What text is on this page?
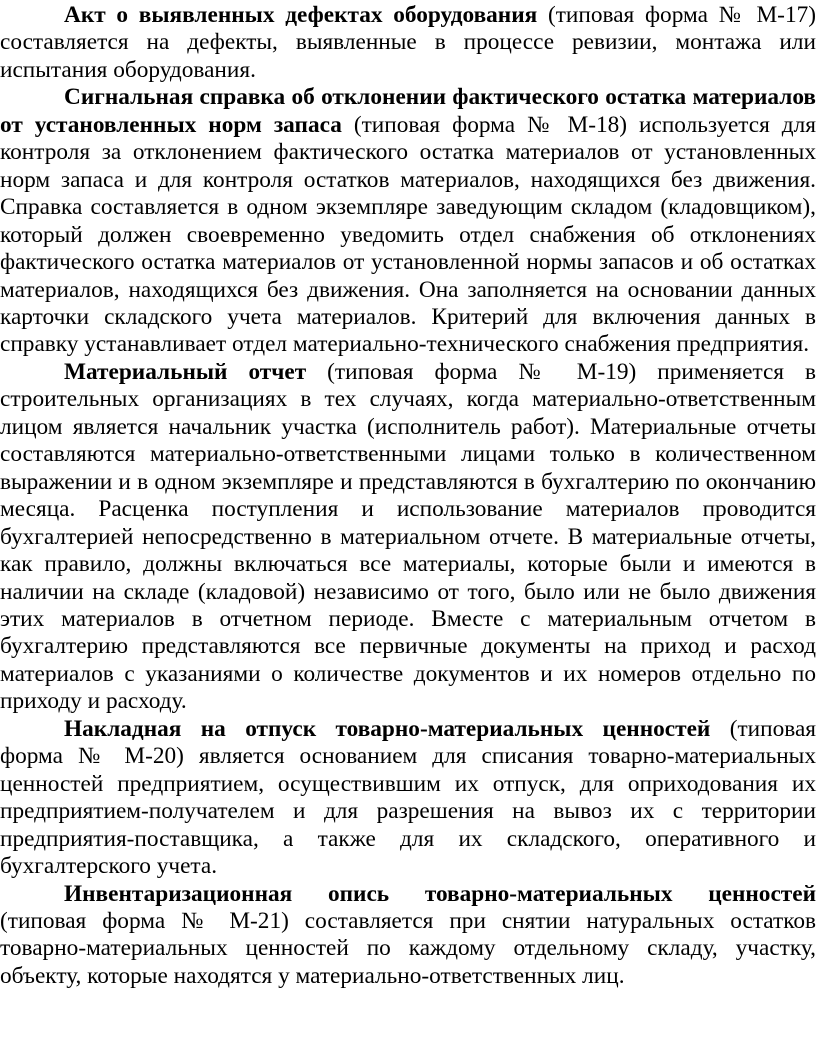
Акт о выявленных дефектах оборудования (типовая форма № М-17) составляется на дефекты, выявленные в процессе ревизии, монтажа или испытания оборудования.

Сигнальная справка об отклонении фактического остатка материалов от установленных норм запаса (типовая форма № М-18) используется для контроля за отклонением фактического остатка материалов от установленных норм запаса и для контроля остатков материалов, находящихся без движения. Справка составляется в одном экземпляре заведующим складом (кладовщиком), который должен своевременно уведомить отдел снабжения об отклонениях фактического остатка материалов от установленной нормы запасов и об остатках материалов, находящихся без движения. Она заполняется на основании данных карточки складского учета материалов. Критерий для включения данных в справку устанавливает отдел материально-технического снабжения предприятия.

Материальный отчет (типовая форма № М-19) применяется в строительных организациях в тех случаях, когда материально-ответственным лицом является начальник участка (исполнитель работ). Материальные отчеты составляются материально-ответственными лицами только в количественном выражении и в одном экземпляре и представляются в бухгалтерию по окончанию месяца. Расценка поступления и использование материалов проводится бухгалтерией непосредственно в материальном отчете. В материальные отчеты, как правило, должны включаться все материалы, которые были и имеются в наличии на складе (кладовой) независимо от того, было или не было движения этих материалов в отчетном периоде. Вместе с материальным отчетом в бухгалтерию представляются все первичные документы на приход и расход материалов с указаниями о количестве документов и их номеров отдельно по приходу и расходу.

Накладная на отпуск товарно-материальных ценностей (типовая форма № М-20) является основанием для списания товарно-материальных ценностей предприятием, осуществившим их отпуск, для оприходования их предприятием-получателем и для разрешения на вывоз их с территории предприятия-поставщика, а также для их складского, оперативного и бухгалтерского учета.

Инвентаризационная опись товарно-материальных ценностей (типовая форма № М-21) составляется при снятии натуральных остатков товарно-материальных ценностей по каждому отдельному складу, участку, объекту, которые находятся у материально-ответственных лиц.
